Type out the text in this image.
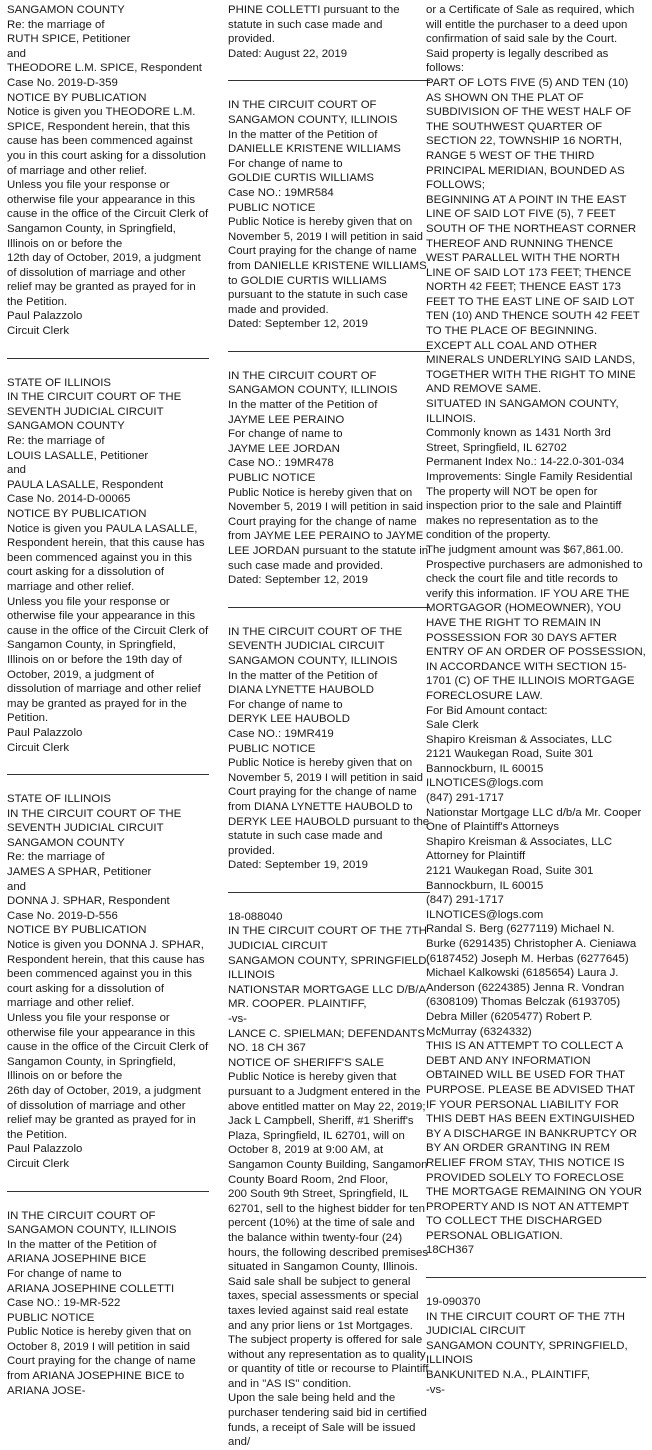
SANGAMON COUNTY
Re: the marriage of
RUTH SPICE, Petitioner
and
THEODORE L.M. SPICE, Respondent
Case No. 2019-D-359
NOTICE BY PUBLICATION
Notice is given you THEODORE L.M. SPICE, Respondent herein, that this cause has been commenced against you in this court asking for a dissolution of marriage and other relief.
Unless you file your response or otherwise file your appearance in this cause in the office of the Circuit Clerk of Sangamon County, in Springfield, Illinois on or before the
12th day of October, 2019, a judgment of dissolution of marriage and other relief may be granted as prayed for in the Petition.
Paul Palazzolo
Circuit Clerk

STATE OF ILLINOIS
IN THE CIRCUIT COURT OF THE SEVENTH JUDICIAL CIRCUIT
SANGAMON COUNTY
Re: the marriage of
LOUIS LASALLE, Petitioner
and
PAULA LASALLE, Respondent
Case No. 2014-D-00065
NOTICE BY PUBLICATION
Notice is given you PAULA LASALLE, Respondent herein, that this cause has been commenced against you in this court asking for a dissolution of marriage and other relief.
Unless you file your response or otherwise file your appearance in this cause in the office of the Circuit Clerk of Sangamon County, in Springfield, Illinois on or before the 19th day of October, 2019, a judgment of dissolution of marriage and other relief may be granted as prayed for in the Petition.
Paul Palazzolo
Circuit Clerk

STATE OF ILLINOIS
IN THE CIRCUIT COURT OF THE SEVENTH JUDICIAL CIRCUIT
SANGAMON COUNTY
Re: the marriage of
JAMES A SPHAR, Petitioner
and
DONNA J. SPHAR, Respondent
Case No. 2019-D-556
NOTICE BY PUBLICATION
Notice is given you DONNA J. SPHAR, Respondent herein, that this cause has been commenced against you in this court asking for a dissolution of marriage and other relief.
Unless you file your response or otherwise file your appearance in this cause in the office of the Circuit Clerk of Sangamon County, in Springfield, Illinois on or before the
26th day of October, 2019, a judgment of dissolution of marriage and other relief may be granted as prayed for in the Petition.
Paul Palazzolo
Circuit Clerk

IN THE CIRCUIT COURT OF SANGAMON COUNTY, ILLINOIS
In the matter of the Petition of
ARIANA JOSEPHINE BICE
For change of name to
ARIANA JOSEPHINE COLLETTI
Case NO.: 19-MR-522
PUBLIC NOTICE
Public Notice is hereby given that on October 8, 2019 I will petition in said Court praying for the change of name from ARIANA JOSEPHINE BICE to ARIANA JOSE-

PHINE COLLETTI pursuant to the statute in such case made and provided.
Dated: August 22, 2019

IN THE CIRCUIT COURT OF SANGAMON COUNTY, ILLINOIS
In the matter of the Petition of
DANIELLE KRISTENE WILLIAMS
For change of name to
GOLDIE CURTIS WILLIAMS
Case NO.: 19MR584
PUBLIC NOTICE
Public Notice is hereby given that on November 5, 2019 I will petition in said Court praying for the change of name from DANIELLE KRISTENE WILLIAMS to GOLDIE CURTIS WILLIAMS pursuant to the statute in such case made and provided.
Dated: September 12, 2019

IN THE CIRCUIT COURT OF SANGAMON COUNTY, ILLINOIS
In the matter of the Petition of
JAYME LEE PERAINO
For change of name to
JAYME LEE JORDAN
Case NO.: 19MR478
PUBLIC NOTICE
Public Notice is hereby given that on November 5, 2019 I will petition in said Court praying for the change of name from JAYME LEE PERAINO to JAYME LEE JORDAN pursuant to the statute in such case made and provided.
Dated: September 12, 2019

IN THE CIRCUIT COURT OF THE SEVENTH JUDICIAL CIRCUIT
SANGAMON COUNTY, ILLINOIS
In the matter of the Petition of
DIANA LYNETTE HAUBOLD
For change of name to
DERYK LEE HAUBOLD
Case NO.: 19MR419
PUBLIC NOTICE
Public Notice is hereby given that on November 5, 2019 I will petition in said Court praying for the change of name from DIANA LYNETTE HAUBOLD to DERYK LEE HAUBOLD pursuant to the statute in such case made and provided.
Dated: September 19, 2019

18-088040
IN THE CIRCUIT COURT OF THE 7TH JUDICIAL CIRCUIT
SANGAMON COUNTY, SPRINGFIELD, ILLINOIS
NATIONSTAR MORTGAGE LLC D/B/A MR. COOPER. PLAINTIFF,
-vs-
LANCE C. SPIELMAN; DEFENDANTS
NO. 18 CH 367
NOTICE OF SHERIFF'S SALE
Public Notice is hereby given that pursuant to a Judgment entered in the above entitled matter on May 22, 2019;
Jack L Campbell, Sheriff, #1 Sheriff's Plaza, Springfield, IL 62701, will on October 8, 2019 at 9:00 AM, at Sangamon County Building, Sangamon County Board Room, 2nd Floor,
200 South 9th Street, Springfield, IL 62701, sell to the highest bidder for ten percent (10%) at the time of sale and the balance within twenty-four (24) hours, the following described premises situated in Sangamon County, Illinois.
Said sale shall be subject to general taxes, special assessments or special taxes levied against said real estate and any prior liens or 1st Mortgages. The subject property is offered for sale without any representation as to quality or quantity of title or recourse to Plaintiff and in "AS IS" condition.
Upon the sale being held and the purchaser tendering said bid in certified funds, a receipt of Sale will be issued and/

or a Certificate of Sale as required, which will entitle the purchaser to a deed upon confirmation of said sale by the Court.
Said property is legally described as follows:
PART OF LOTS FIVE (5) AND TEN (10) AS SHOWN ON THE PLAT OF SUBDIVISION OF THE WEST HALF OF THE SOUTHWEST QUARTER OF SECTION 22, TOWNSHIP 16 NORTH, RANGE 5 WEST OF THE THIRD PRINCIPAL MERIDIAN, BOUNDED AS FOLLOWS;
BEGINNING AT A POINT IN THE EAST LINE OF SAID LOT FIVE (5), 7 FEET SOUTH OF THE NORTHEAST CORNER THEREOF AND RUNNING THENCE WEST PARALLEL WITH THE NORTH LINE OF SAID LOT 173 FEET; THENCE NORTH 42 FEET; THENCE EAST 173 FEET TO THE EAST LINE OF SAID LOT TEN (10) AND THENCE SOUTH 42 FEET TO THE PLACE OF BEGINNING.
EXCEPT ALL COAL AND OTHER MINERALS UNDERLYING SAID LANDS, TOGETHER WITH THE RIGHT TO MINE AND REMOVE SAME.
SITUATED IN SANGAMON COUNTY, ILLINOIS.
Commonly known as 1431 North 3rd Street, Springfield, IL 62702
Permanent Index No.: 14-22.0-301-034
Improvements: Single Family Residential
The property will NOT be open for inspection prior to the sale and Plaintiff makes no representation as to the condition of the property.
The judgment amount was $67,861.00.
Prospective purchasers are admonished to check the court file and title records to verify this information. IF YOU ARE THE MORTGAGOR (HOMEOWNER), YOU HAVE THE RIGHT TO REMAIN IN POSSESSION FOR 30 DAYS AFTER ENTRY OF AN ORDER OF POSSESSION, IN ACCORDANCE WITH SECTION 15-1701 (C) OF THE ILLINOIS MORTGAGE FORECLOSURE LAW.
For Bid Amount contact:
Sale Clerk
Shapiro Kreisman & Associates, LLC
2121 Waukegan Road, Suite 301
Bannockburn, IL 60015
ILNOTICES@logs.com
(847) 291-1717
Nationstar Mortgage LLC d/b/a Mr. Cooper
One of Plaintiff's Attorneys
Shapiro Kreisman & Associates, LLC
Attorney for Plaintiff
2121 Waukegan Road, Suite 301
Bannockburn, IL 60015
(847) 291-1717
ILNOTICES@logs.com
Randal S. Berg (6277119) Michael N. Burke (6291435) Christopher A. Cieniawa (6187452) Joseph M. Herbas (6277645) Michael Kalkowski (6185654) Laura J. Anderson (6224385) Jenna R. Vondran (6308109) Thomas Belczak (6193705) Debra Miller (6205477) Robert P. McMurray (6324332)
THIS IS AN ATTEMPT TO COLLECT A DEBT AND ANY INFORMATION OBTAINED WILL BE USED FOR THAT PURPOSE. PLEASE BE ADVISED THAT IF YOUR PERSONAL LIABILITY FOR THIS DEBT HAS BEEN EXTINGUISHED BY A DISCHARGE IN BANKRUPTCY OR BY AN ORDER GRANTING IN REM RELIEF FROM STAY, THIS NOTICE IS PROVIDED SOLELY TO FORECLOSE THE MORTGAGE REMAINING ON YOUR PROPERTY AND IS NOT AN ATTEMPT TO COLLECT THE DISCHARGED PERSONAL OBLIGATION.
18CH367

19-090370
IN THE CIRCUIT COURT OF THE 7TH JUDICIAL CIRCUIT
SANGAMON COUNTY, SPRINGFIELD, ILLINOIS
BANKUNITED N.A., PLAINTIFF,
-vs-
